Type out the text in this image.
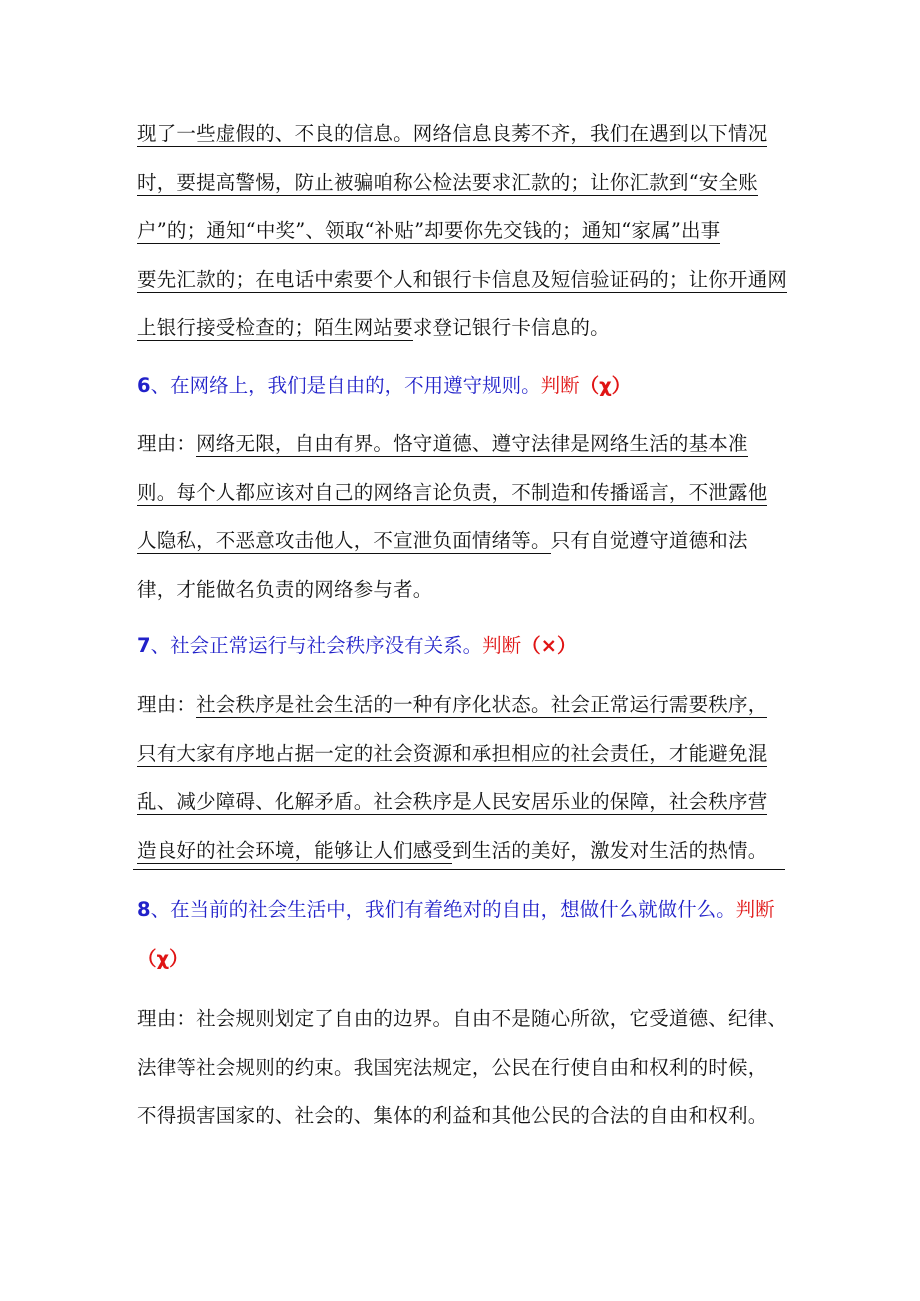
现了一些虚假的、不良的信息。网络信息良莠不齐，我们在遇到以下情况
时，要提高警惕，防止被骗咱称公检法要求汇款的；让你汇款到“安全账
户”的；通知“中奖”、领取“补贴”却要你先交钱的；通知“家属”出事
要先汇款的；在电话中索要个人和银行卡信息及短信验证码的；让你开通网
上银行接受检查的；陌生网站要求登记银行卡信息的。
6、在网络上，我们是自由的，不用遵守规则。判断（χ）
理由：网络无限，自由有界。恪守道德、遵守法律是网络生活的基本准
则。每个人都应该对自己的网络言论负责，不制造和传播谣言，不泄露他
人隐私，不恶意攻击他人，不宣泄负面情绪等。只有自觉遵守道德和法
律，才能做名负责的网络参与者。
7、社会正常运行与社会秩序没有关系。判断（×）
理由：社会秩序是社会生活的一种有序化状态。社会正常运行需要秩序，
只有大家有序地占据一定的社会资源和承担相应的社会责任，才能避免混
乱、减少障碍、化解矛盾。社会秩序是人民安居乐业的保障，社会秩序营
造良好的社会环境，能够让人们感受到生活的美好，激发对生活的热情。
8、在当前的社会生活中，我们有着绝对的自由，想做什么就做什么。判断
（χ）
理由：社会规则划定了自由的边界。自由不是随心所欲，它受道德、纪律、
法律等社会规则的约束。我国宪法规定，公民在行使自由和权利的时候，
不得损害国家的、社会的、集体的利益和其他公民的合法的自由和权利。
